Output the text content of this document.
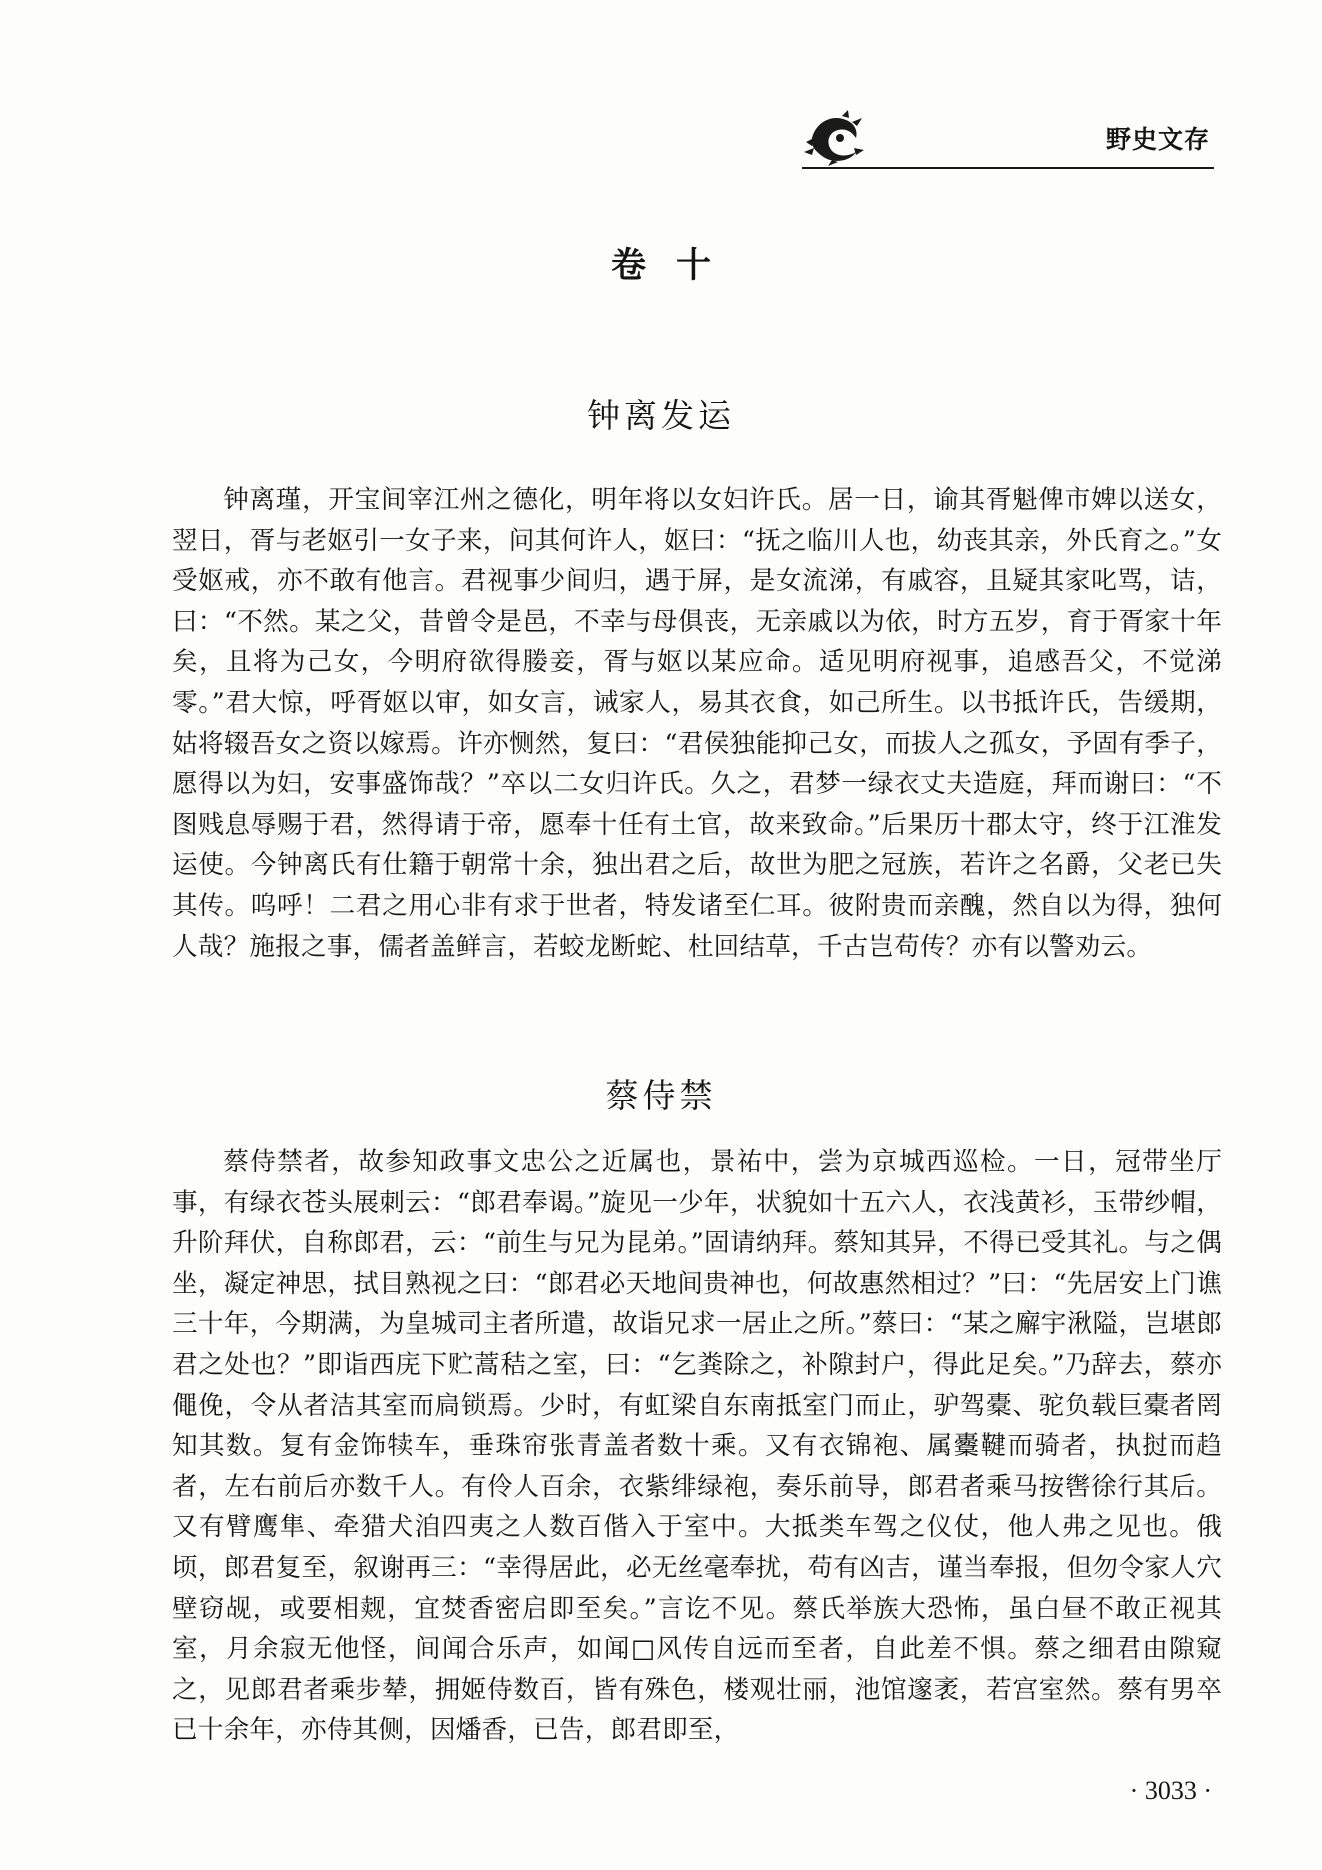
野史文存
卷十
钟离发运
钟离瑾，开宝间宰江州之德化，明年将以女妇许氏。居一日，谕其胥魁俾市婢以送女，翌日，胥与老妪引一女子来，问其何许人，妪曰：“抚之临川人也，幼丧其亲，外氏育之。”女受妪戒，亦不敢有他言。君视事少间归，遇于屏，是女流涕，有戚容，且疑其家叱骂，诘，曰：“不然。某之父，昔曾令是邑，不幸与母俱丧，无亲戚以为依，时方五岁，育于胥家十年矣，且将为己女，今明府欲得媵妾，胥与妪以某应命。适见明府视事，追感吾父，不觉涕零。”君大惊，呼胥妪以审，如女言，诫家人，易其衣食，如己所生。以书抵许氏，告缓期，姑将辍吾女之资以嫁焉。许亦恻然，复曰：“君侯独能抑己女，而拔人之孤女，予固有季子，愿得以为妇，安事盛饰哉？”卒以二女归许氏。久之，君梦一绿衣丈夫造庭，拜而谢曰：“不图贱息辱赐于君，然得请于帝，愿奉十任有土官，故来致命。”后果历十郡太守，终于江淮发运使。今钟离氏有仕籍于朝常十余，独出君之后，故世为肥之冠族，若许之名爵，父老已失其传。呜呼！二君之用心非有求于世者，特发诸至仁耳。彼附贵而亲醜，然自以为得，独何人哉？施报之事，儒者盖鲜言，若蛟龙断蛇、杜回结草，千古岂苟传？亦有以警劝云。
蔡侍禁
蔡侍禁者，故参知政事文忠公之近属也，景祐中，尝为京城西巡检。一日，冠带坐厅事，有绿衣苍头展刺云：“郎君奉谒。”旋见一少年，状貌如十五六人，衣浅黄衫，玉带纱帽，升阶拜伏，自称郎君，云：“前生与兄为昆弟。”固请纳拜。蔡知其异，不得已受其礼。与之偶坐，凝定神思，拭目熟视之曰：“郎君必天地间贵神也，何故惠然相过？”曰：“先居安上门谯三十年，今期满，为皇城司主者所遣，故诣兄求一居止之所。”蔡曰：“某之廨宇湫隘，岂堪郎君之处也？”即诣西庑下贮蒿秸之室，曰：“乞粪除之，补隙封户，得此足矣。”乃辞去，蔡亦僶俛，令从者洁其室而扃锁焉。少时，有虹梁自东南抵室门而止，驴驾橐、驼负载巨橐者罔知其数。复有金饰犊车，垂珠帘张青盖者数十乘。又有衣锦袍、属櫜鞬而骑者，执挝而趋者，左右前后亦数千人。有伶人百余，衣紫绯绿袍，奏乐前导，郎君者乘马按辔徐行其后。又有臂鹰隼、牵猎犬洎四夷之人数百偕入于室中。大抵类车驾之仪仗，他人弗之见也。俄顷，郎君复至，叙谢再三：“幸得居此，必无丝毫奉扰，苟有凶吉，谨当奉报，但勿令家人穴壁窃觇，或要相觌，宜焚香密启即至矣。”言讫不见。蔡氏举族大恐怖，虽白昼不敢正视其室，月余寂无他怪，间闻合乐声，如闻□风传自远而至者，自此差不惧。蔡之细君由隙窥之，见郎君者乘步辇，拥姬侍数百，皆有殊色，楼观壮丽，池馆邃袤，若宫室然。蔡有男卒已十余年，亦侍其侧，因燔香，已告，郎君即至，
· 3033 ·
